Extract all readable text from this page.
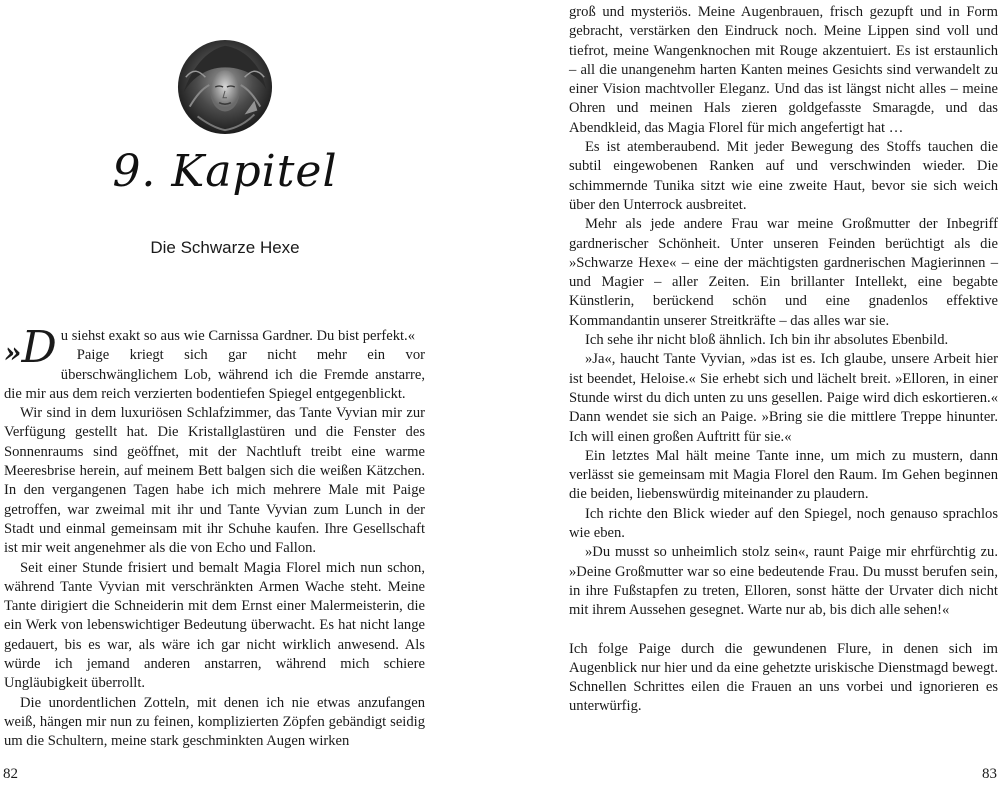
9. Kapitel
Die Schwarze Hexe

»D u siehst exakt so aus wie Carnissa Gardner. Du bist perfekt.«

Paige kriegt sich gar nicht mehr ein vor überschwänglichem Lob, während ich die Fremde anstarre, die mir aus dem reich verzierten bodentiefen Spiegel entgegenblickt.

Wir sind in dem luxuriösen Schlafzimmer, das Tante Vyvian mir zur Verfügung gestellt hat. Die Kristallglastüren und die Fenster des Sonnenraums sind geöffnet, mit der Nachtluft treibt eine warme Meeresbrise herein, auf meinem Bett balgen sich die weißen Kätzchen. In den vergangenen Tagen habe ich mich mehrere Male mit Paige getroffen, war zweimal mit ihr und Tante Vyvian zum Lunch in der Stadt und einmal gemeinsam mit ihr Schuhe kaufen. Ihre Gesellschaft ist mir weit angenehmer als die von Echo und Fallon.

Seit einer Stunde frisiert und bemalt Magia Florel mich nun schon, während Tante Vyvian mit verschränkten Armen Wache steht. Meine Tante dirigiert die Schneiderin mit dem Ernst einer Malermeisterin, die ein Werk von lebenswichtiger Bedeutung überwacht. Es hat nicht lange gedauert, bis es war, als wäre ich gar nicht wirklich anwesend. Als würde ich jemand anderen anstarren, während mich schiere Ungläubigkeit überrollt.

Die unordentlichen Zotteln, mit denen ich nie etwas anzufangen weiß, hängen mir nun zu feinen, komplizierten Zöpfen gebändigt seidig um die Schultern, meine stark geschminkten Augen wirken

82

groß und mysteriös. Meine Augenbrauen, frisch gezupft und in Form gebracht, verstärken den Eindruck noch. Meine Lippen sind voll und tiefrot, meine Wangenknochen mit Rouge akzentuiert. Es ist erstaunlich – all die unangenehm harten Kanten meines Gesichts sind verwandelt zu einer Vision machtvoller Eleganz. Und das ist längst nicht alles – meine Ohren und meinen Hals zieren goldgefasste Smaragde, und das Abendkleid, das Magia Florel für mich angefertigt hat …

Es ist atemberaubend. Mit jeder Bewegung des Stoffs tauchen die subtil eingewobenen Ranken auf und verschwinden wieder. Die schimmernde Tunika sitzt wie eine zweite Haut, bevor sie sich weich über den Unterrock ausbreitet.

Mehr als jede andere Frau war meine Großmutter der Inbegriff gardnerischer Schönheit. Unter unseren Feinden berüchtigt als die »Schwarze Hexe« – eine der mächtigsten gardnerischen Magierinnen – und Magier – aller Zeiten. Ein brillanter Intellekt, eine begabte Künstlerin, berückend schön und eine gnadenlos effektive Kommandantin unserer Streitkräfte – das alles war sie.

Ich sehe ihr nicht bloß ähnlich. Ich bin ihr absolutes Ebenbild.

»Ja«, haucht Tante Vyvian, »das ist es. Ich glaube, unsere Arbeit hier ist beendet, Heloise.« Sie erhebt sich und lächelt breit. »Elloren, in einer Stunde wirst du dich unten zu uns gesellen. Paige wird dich eskortieren.« Dann wendet sie sich an Paige. »Bring sie die mittlere Treppe hinunter. Ich will einen großen Auftritt für sie.«

Ein letztes Mal hält meine Tante inne, um mich zu mustern, dann verlässt sie gemeinsam mit Magia Florel den Raum. Im Gehen beginnen die beiden, liebenswürdig miteinander zu plaudern.

Ich richte den Blick wieder auf den Spiegel, noch genauso sprachlos wie eben.

»Du musst so unheimlich stolz sein«, raunt Paige mir ehrfürchtig zu. »Deine Großmutter war so eine bedeutende Frau. Du musst berufen sein, in ihre Fußstapfen zu treten, Elloren, sonst hätte der Urvater dich nicht mit ihrem Aussehen gesegnet. Warte nur ab, bis dich alle sehen!«

Ich folge Paige durch die gewundenen Flure, in denen sich im Augenblick nur hier und da eine gehetzte uriskische Dienstmagd bewegt. Schnellen Schrittes eilen die Frauen an uns vorbei und ignorieren es unterwürfig.

83
